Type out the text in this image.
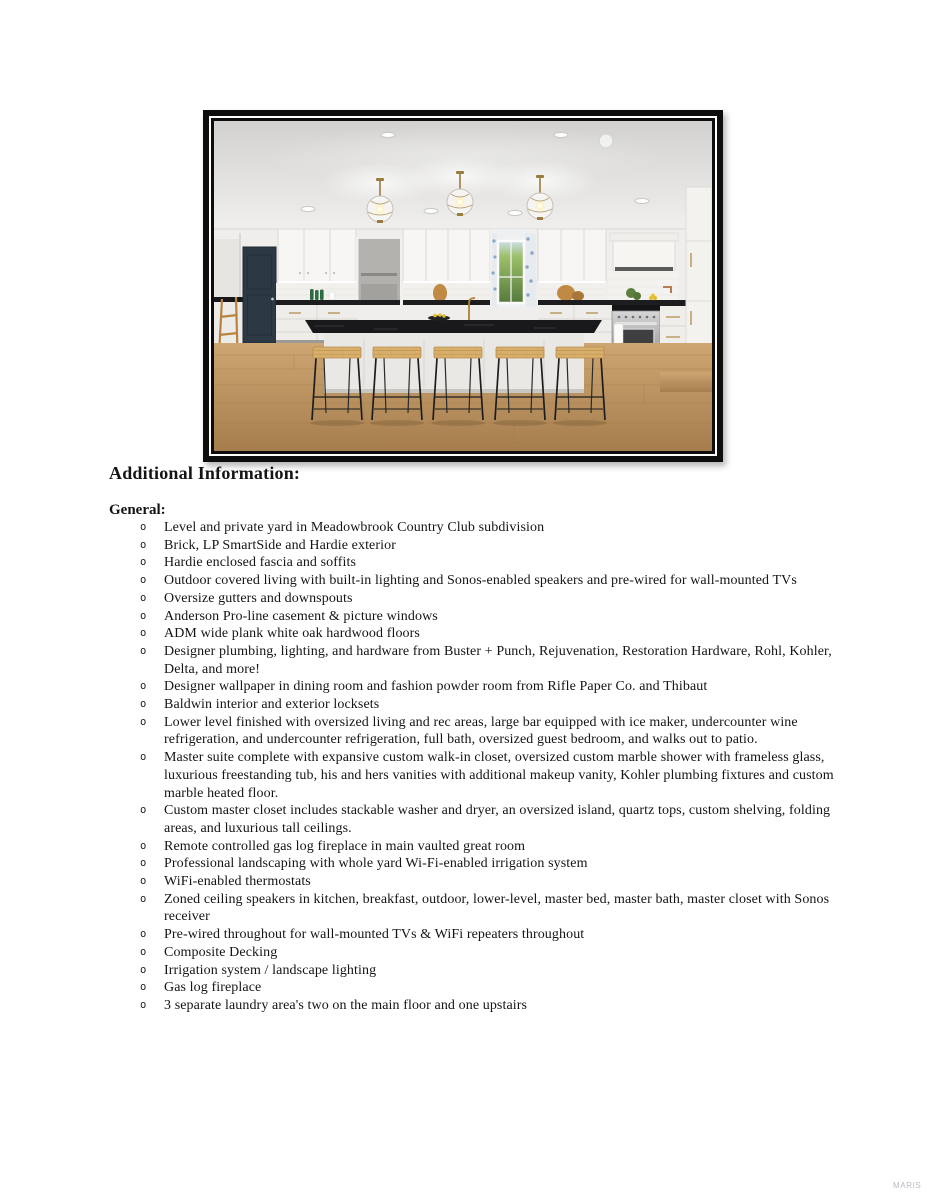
Additional Information:
General:
o	Level and private yard in Meadowbrook Country Club subdivision
o	Brick, LP SmartSide and Hardie exterior
o	Hardie enclosed fascia and soffits
o	Outdoor covered living with built-in lighting and Sonos-enabled speakers and pre-wired for wall-mounted TVs
o	Oversize gutters and downspouts
o	Anderson Pro-line casement & picture windows
o	ADM wide plank white oak hardwood floors
o	Designer plumbing, lighting, and hardware from Buster + Punch, Rejuvenation, Restoration Hardware, Rohl, Kohler, Delta, and more!
o	Designer wallpaper in dining room and fashion powder room from Rifle Paper Co. and Thibaut
o	Baldwin interior and exterior locksets
o	Lower level finished with oversized living and rec areas, large bar equipped with ice maker, undercounter wine refrigeration, and undercounter refrigeration, full bath, oversized guest bedroom, and walks out to patio.
o	Master suite complete with expansive custom walk-in closet, oversized custom marble shower with frameless glass, luxurious freestanding tub, his and hers vanities with additional makeup vanity, Kohler plumbing fixtures and custom marble heated floor.
o	Custom master closet includes stackable washer and dryer, an oversized island, quartz tops, custom shelving, folding areas, and luxurious tall ceilings.
o	Remote controlled gas log fireplace in main vaulted great room
o	Professional landscaping with whole yard Wi-Fi-enabled irrigation system
o	WiFi-enabled thermostats
o	Zoned ceiling speakers in kitchen, breakfast, outdoor, lower-level, master bed, master bath, master closet with Sonos receiver
o	Pre-wired throughout for wall-mounted TVs & WiFi repeaters throughout
o	Composite Decking
o	Irrigation system / landscape lighting
o	Gas log fireplace
o	3 separate laundry area's two on the main floor and one upstairs
MARIS
